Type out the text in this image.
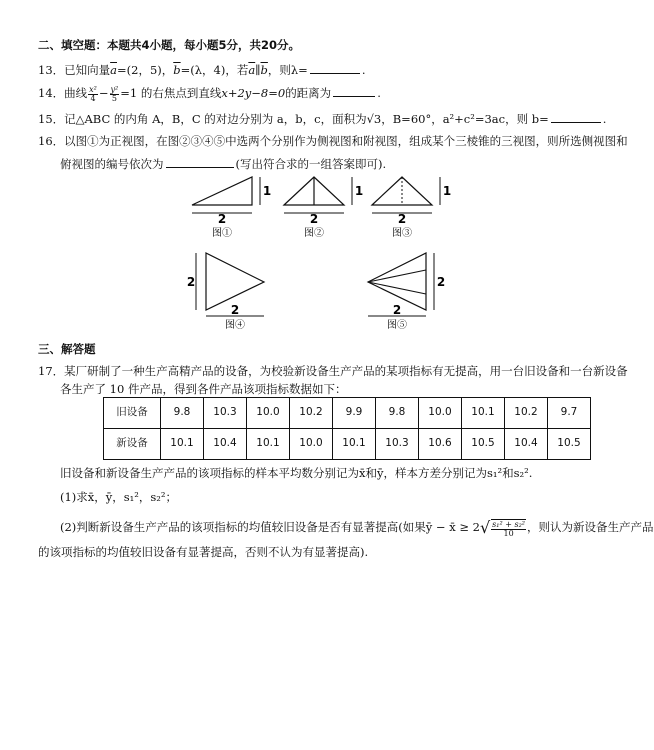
二、填空题：本题共4小题，每小题5分，共20分。
13．已知向量$\overline{a}=(2$，5)，$\overline{b}=(\lambda$，4)，若$\overline{a}\parallel\overline{b}$，则λ=	.
14．曲线 $\frac{\text{x²}}{4} - \frac{\text{y²}}{5} =1$ 的右焦点到直线x+2y−8=0的距离为	.
15．记△ABC 的内角 A，B，C 的对边分别为 a，b，c，面积为√3，B=60°，a²+c²=3ac，则 b=	.
16．以图①为正视图，在图②③④⑤中选两个分别作为侧视图和附视图，组成某个三棱锥的三视图，则所选侧视图和
俯视图的编号依次为	(写出符合求的一组答案即可).
2
1
图①
2
1
图②
2
1
图③
2
2
图④
2
2
图⑤
三、解答题
17．某厂研制了一种生产高精产品的设备，为校验新设备生产产品的某项指标有无提高，用一台旧设备和一台新设备
各生产了 10 件产品，得到各件产品该项指标数据如下：
旧设备	9.8	10.3	10.0	10.2	9.9	9.8	10.0	10.1	10.2	9.7
新设备	10.1	10.4	10.1	10.0	10.1	10.3	10.6	10.5	10.4	10.5
旧设备和新设备生产产品的该项指标的样本平均数分别记为x̄和ȳ，样本方差分别记为s₁²和s₂².
(1)求x̄，ȳ，s₁²，s₂²；
(2)判断新设备生产产品的该项指标的均值较旧设备是否有显著提高(如果ȳ − x̄ ≥ $2√ \frac{\text{s₁² + s₂²}}{10}$ ，则认为新设备生产产品
的该项指标的均值较旧设备有显著提高，否则不认为有显著提高).
